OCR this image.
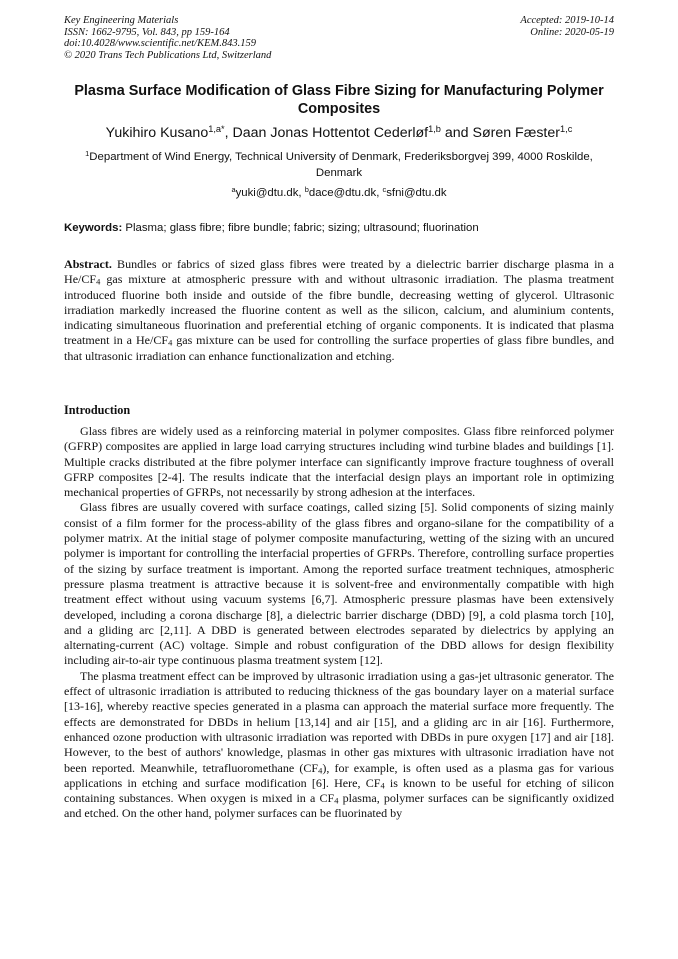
Key Engineering Materials
ISSN: 1662-9795, Vol. 843, pp 159-164
doi:10.4028/www.scientific.net/KEM.843.159
© 2020 Trans Tech Publications Ltd, Switzerland
Accepted: 2019-10-14
Online: 2020-05-19
Plasma Surface Modification of Glass Fibre Sizing for Manufacturing Polymer Composites
Yukihiro Kusano$^{1,a*}$, Daan Jonas Hottentot Cederløf$^{1,b}$ and Søren Fæster$^{1,c}$
$^1$Department of Wind Energy, Technical University of Denmark, Frederiksborgvej 399, 4000 Roskilde, Denmark
$^a$yuki@dtu.dk, $^b$dace@dtu.dk, $^c$sfni@dtu.dk
Keywords: Plasma; glass fibre; fibre bundle; fabric; sizing; ultrasound; fluorination
Abstract. Bundles or fabrics of sized glass fibres were treated by a dielectric barrier discharge plasma in a $He/CF_4$ gas mixture at atmospheric pressure with and without ultrasonic irradiation. The plasma treatment introduced fluorine both inside and outside of the fibre bundle, decreasing wetting of glycerol. Ultrasonic irradiation markedly increased the fluorine content as well as the silicon, calcium, and aluminium contents, indicating simultaneous fluorination and preferential etching of organic components. It is indicated that plasma treatment in a $He/CF_4$ gas mixture can be used for controlling the surface properties of glass fibre bundles, and that ultrasonic irradiation can enhance functionalization and etching.
Introduction

Glass fibres are widely used as a reinforcing material in polymer composites. Glass fibre reinforced polymer (GFRP) composites are applied in large load carrying structures including wind turbine blades and buildings [1]. Multiple cracks distributed at the fibre polymer interface can significantly improve fracture toughness of overall GFRP composites [2-4]. The results indicate that the interfacial design plays an important role in optimizing mechanical properties of GFRPs, not necessarily by strong adhesion at the interfaces.

Glass fibres are usually covered with surface coatings, called sizing [5]. Solid components of sizing mainly consist of a film former for the process-ability of the glass fibres and organo-silane for the compatibility of a polymer matrix. At the initial stage of polymer composite manufacturing, wetting of the sizing with an uncured polymer is important for controlling the interfacial properties of GFRPs. Therefore, controlling surface properties of the sizing by surface treatment is important. Among the reported surface treatment techniques, atmospheric pressure plasma treatment is attractive because it is solvent-free and environmentally compatible with high treatment effect without using vacuum systems [6,7]. Atmospheric pressure plasmas have been extensively developed, including a corona discharge [8], a dielectric barrier discharge (DBD) [9], a cold plasma torch [10], and a gliding arc [2,11]. A DBD is generated between electrodes separated by dielectrics by applying an alternating-current (AC) voltage. Simple and robust configuration of the DBD allows for design flexibility including air-to-air type continuous plasma treatment system [12].

The plasma treatment effect can be improved by ultrasonic irradiation using a gas-jet ultrasonic generator. The effect of ultrasonic irradiation is attributed to reducing thickness of the gas boundary layer on a material surface [13-16], whereby reactive species generated in a plasma can approach the material surface more frequently. The effects are demonstrated for DBDs in helium [13,14] and air [15], and a gliding arc in air [16]. Furthermore, enhanced ozone production with ultrasonic irradiation was reported with DBDs in pure oxygen [17] and air [18]. However, to the best of authors' knowledge, plasmas in other gas mixtures with ultrasonic irradiation have not been reported. Meanwhile, tetrafluoromethane $(CF_4)$, for example, is often used as a plasma gas for various applications in etching and surface modification [6]. Here, $CF_4$ is known to be useful for etching of silicon containing substances. When oxygen is mixed in a $CF_4$ plasma, polymer surfaces can be significantly oxidized and etched. On the other hand, polymer surfaces can be fluorinated by
